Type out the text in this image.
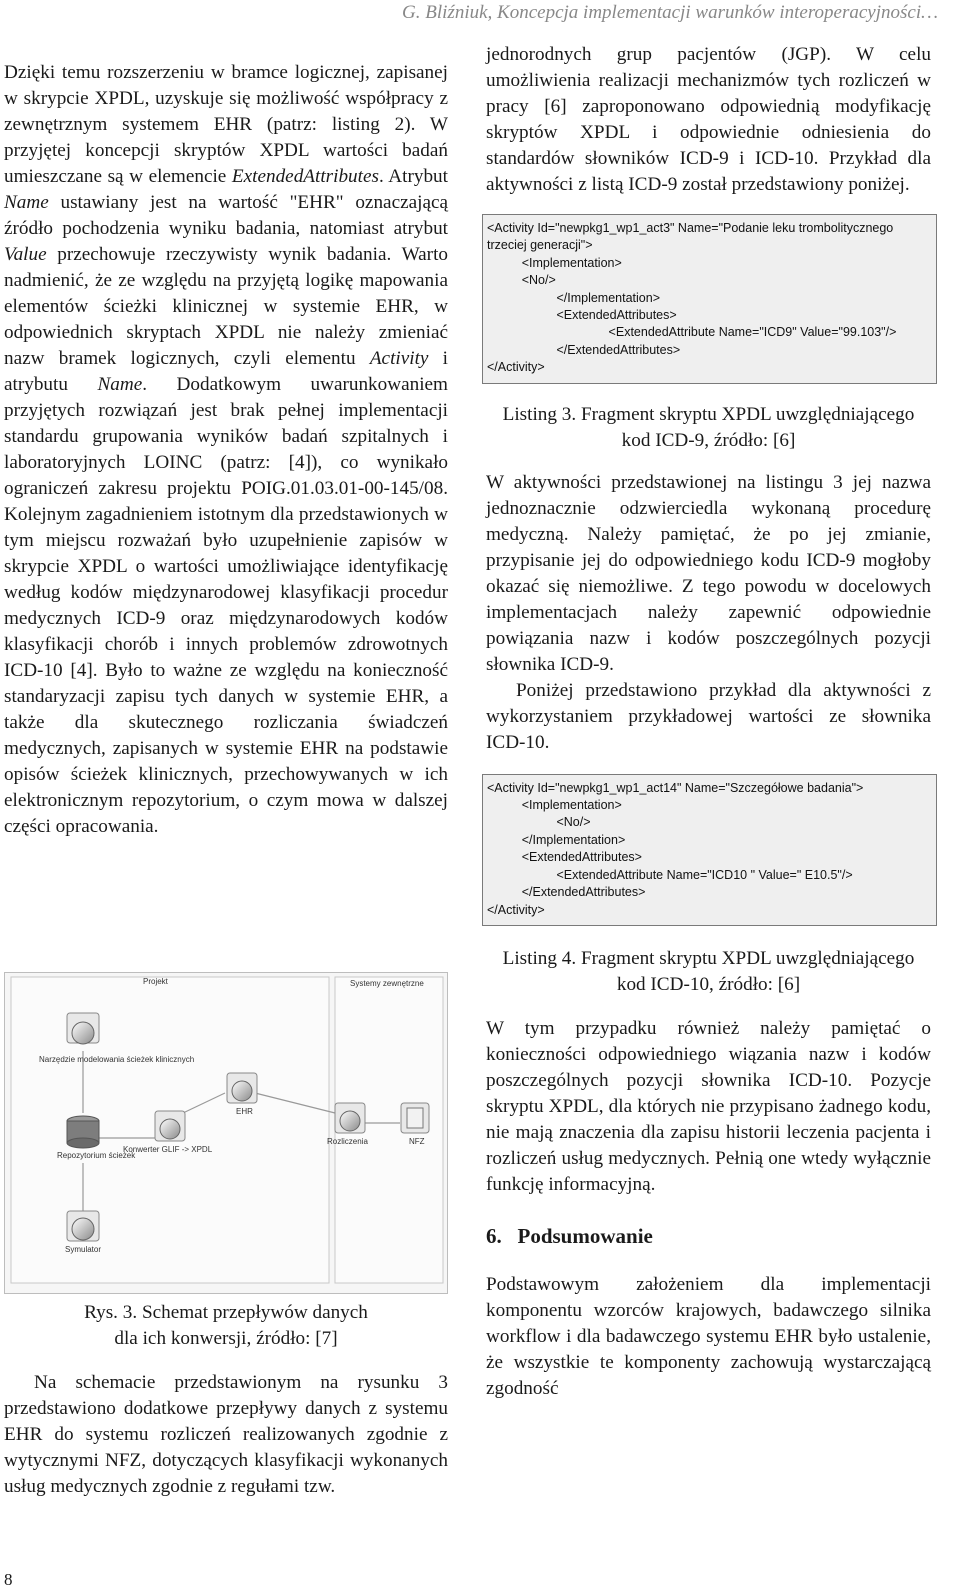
G. Bliźniuk, Koncepcja implementacji warunków interoperacyjności…

Dzięki temu rozszerzeniu w bramce logicznej, zapisanej w skrypcie XPDL, uzyskuje się możliwość współpracy z zewnętrznym systemem EHR (patrz: listing 2). W przyjętej koncepcji skryptów XPDL wartości badań umieszczane są w elemencie ExtendedAttributes. Atrybut Name ustawiany jest na wartość "EHR" oznaczającą źródło pochodzenia wyniku badania, natomiast atrybut Value przechowuje rzeczywisty wynik badania. Warto nadmienić, że ze względu na przyjętą logikę mapowania elementów ścieżki klinicznej w systemie EHR, w odpowiednich skryptach XPDL nie należy zmieniać nazw bramek logicznych, czyli elementu Activity i atrybutu Name. Dodatkowym uwarunkowaniem przyjętych rozwiązań jest brak pełnej implementacji standardu grupowania wyników badań szpitalnych i laboratoryjnych LOINC (patrz: [4]), co wynikało ograniczeń zakresu projektu POIG.01.03.01-00-145/08. Kolejnym zagadnieniem istotnym dla przedstawionych w tym miejscu rozważań było uzupełnienie zapisów w skrypcie XPDL o wartości umożliwiające identyfikację według kodów międzynarodowej klasyfikacji procedur medycznych ICD-9 oraz międzynarodowych kodów klasyfikacji chorób i innych problemów zdrowotnych ICD-10 [4]. Było to ważne ze względu na konieczność standaryzacji zapisu tych danych w systemie EHR, a także dla skutecznego rozliczania świadczeń medycznych, zapisanych w systemie EHR na podstawie opisów ścieżek klinicznych, przechowywanych w ich elektronicznym repozytorium, o czym mowa w dalszej części opracowania.

Projekt	Systemy zewnętrzne
Narzędzie modelowania ścieżek klinicznych
Repozytorium ścieżek
Konwerter GLIF -> XPDL
EHR
Rozliczenia	NFZ
Symulator

Rys. 3. Schemat przepływów danych

dla ich konwersji, źródło: [7]

Na schemacie przedstawionym na rysunku 3 przedstawiono dodatkowe przepływy danych z systemu EHR do systemu rozliczeń realizowanych zgodnie z wytycznymi NFZ, dotyczących klasyfikacji wykonanych usług medycznych zgodnie z regułami tzw.

jednorodnych grup pacjentów (JGP). W celu umożliwienia realizacji mechanizmów tych rozliczeń w pracy [6] zaproponowano odpowiednią modyfikację skryptów XPDL i odpowiednie odniesienia do standardów słowników ICD-9 i ICD-10. Przykład dla aktywności z listą ICD-9 został przedstawiony poniżej.

<Activity Id="newpkg1_wp1_act3" Name="Podanie leku trombolitycznego
trzeciej generacji">
<Implementation>
<No/>
</Implementation>
<ExtendedAttributes>
<ExtendedAttribute Name="ICD9" Value="99.103"/>
</ExtendedAttributes>
</Activity>

Listing 3. Fragment skryptu XPDL uwzględniającego

kod ICD-9, źródło: [6]

W aktywności przedstawionej na listingu 3 jej nazwa jednoznacznie odzwierciedla wykonaną procedurę medyczną. Należy pamiętać, że po jej zmianie, przypisanie jej do odpowiedniego kodu ICD-9 mogłoby okazać się niemożliwe. Z tego powodu w docelowych implementacjach należy zapewnić odpowiednie powiązania nazw i kodów poszczególnych pozycji słownika ICD-9.

Poniżej przedstawiono przykład dla aktywności z wykorzystaniem przykładowej wartości ze słownika ICD-10.

<Activity Id="newpkg1_wp1_act14" Name="Szczegółowe badania">
<Implementation>
<No/>
</Implementation>
<ExtendedAttributes>
<ExtendedAttribute Name="ICD10 " Value=" E10.5"/>
</ExtendedAttributes>
</Activity>

Listing 4. Fragment skryptu XPDL uwzględniającego

kod ICD-10, źródło: [6]

W tym przypadku również należy pamiętać o konieczności odpowiedniego wiązania nazw i kodów poszczególnych pozycji słownika ICD-10. Pozycje skryptu XPDL, dla których nie przypisano żadnego kodu, nie mają znaczenia dla zapisu historii leczenia pacjenta i rozliczeń usług medycznych. Pełnią one wtedy wyłącznie funkcję informacyjną.

6. Podsumowanie

Podstawowym założeniem dla implementacji komponentu wzorców krajowych, badawczego silnika workflow i dla badawczego systemu EHR było ustalenie, że wszystkie te komponenty zachowują wystarczającą zgodność

8
